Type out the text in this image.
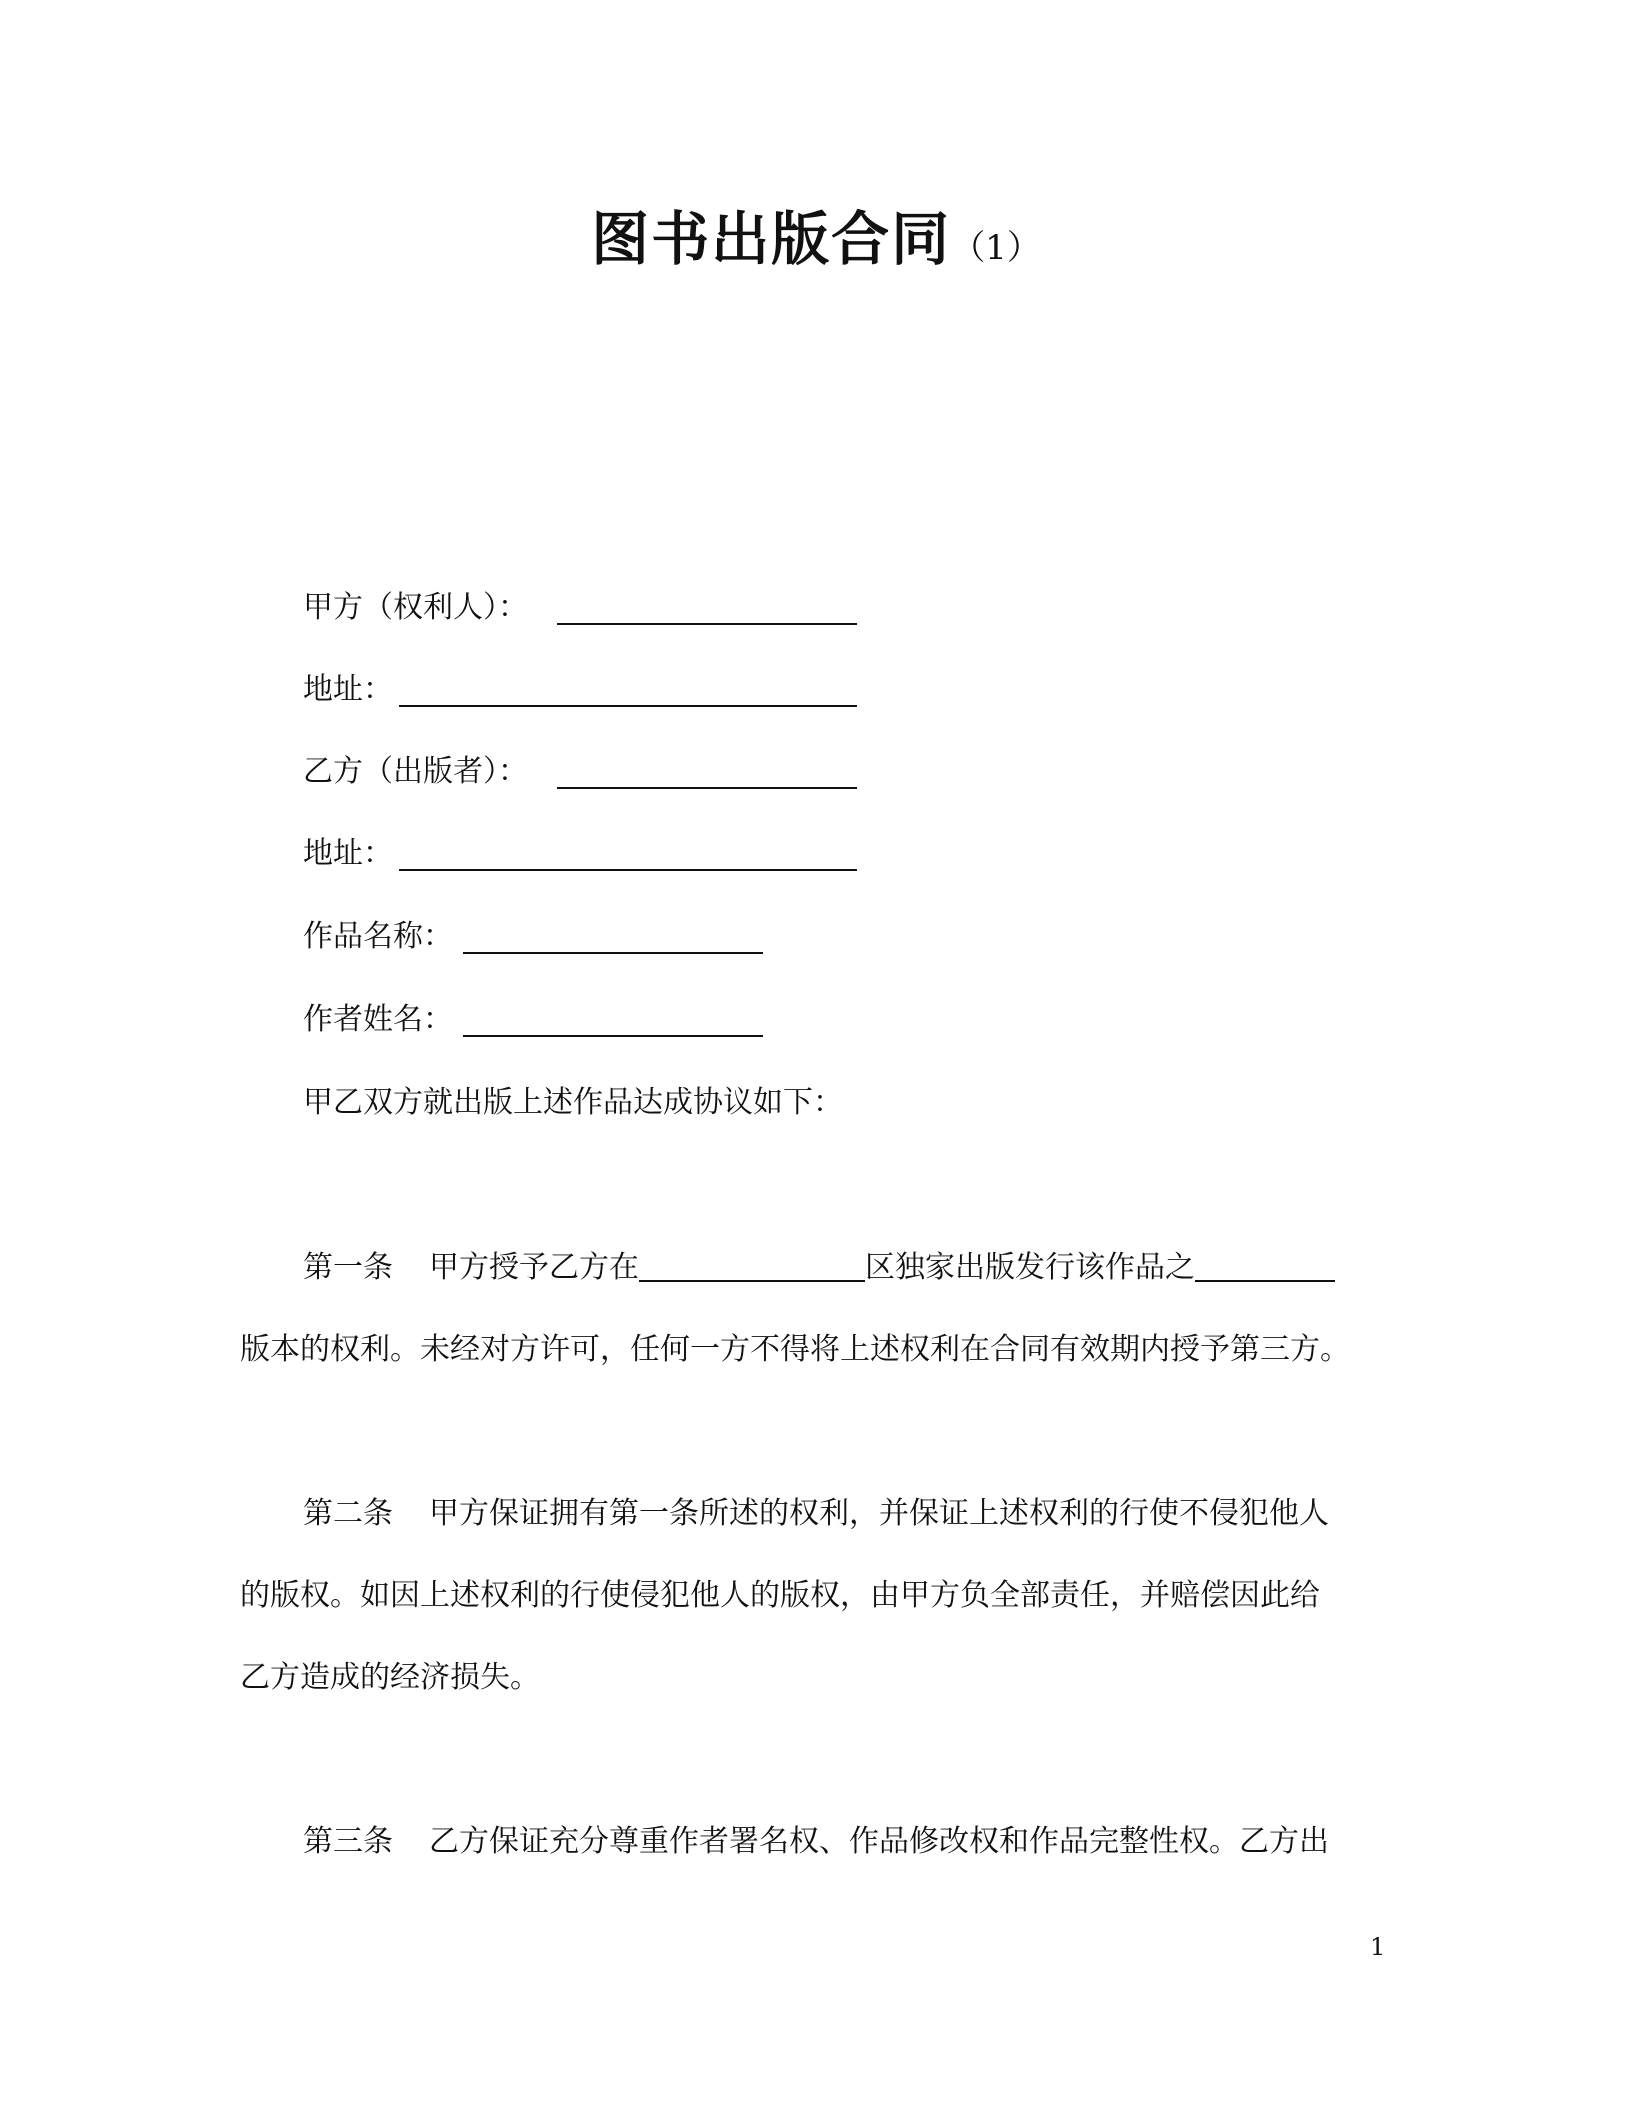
图书出版合同（1）
甲方（权利人）：
地址：
乙方（出版者）：
地址：
作品名称：
作者姓名：
甲乙双方就出版上述作品达成协议如下：
第一条 甲方授予乙方在	区独家出版发行该作品之
版本的权利。未经对方许可，任何一方不得将上述权利在合同有效期内授予第三方。
第二条 甲方保证拥有第一条所述的权利，并保证上述权利的行使不侵犯他人
的版权。如因上述权利的行使侵犯他人的版权，由甲方负全部责任，并赔偿因此给
乙方造成的经济损失。
第三条 乙方保证充分尊重作者署名权、作品修改权和作品完整性权。乙方出
1
